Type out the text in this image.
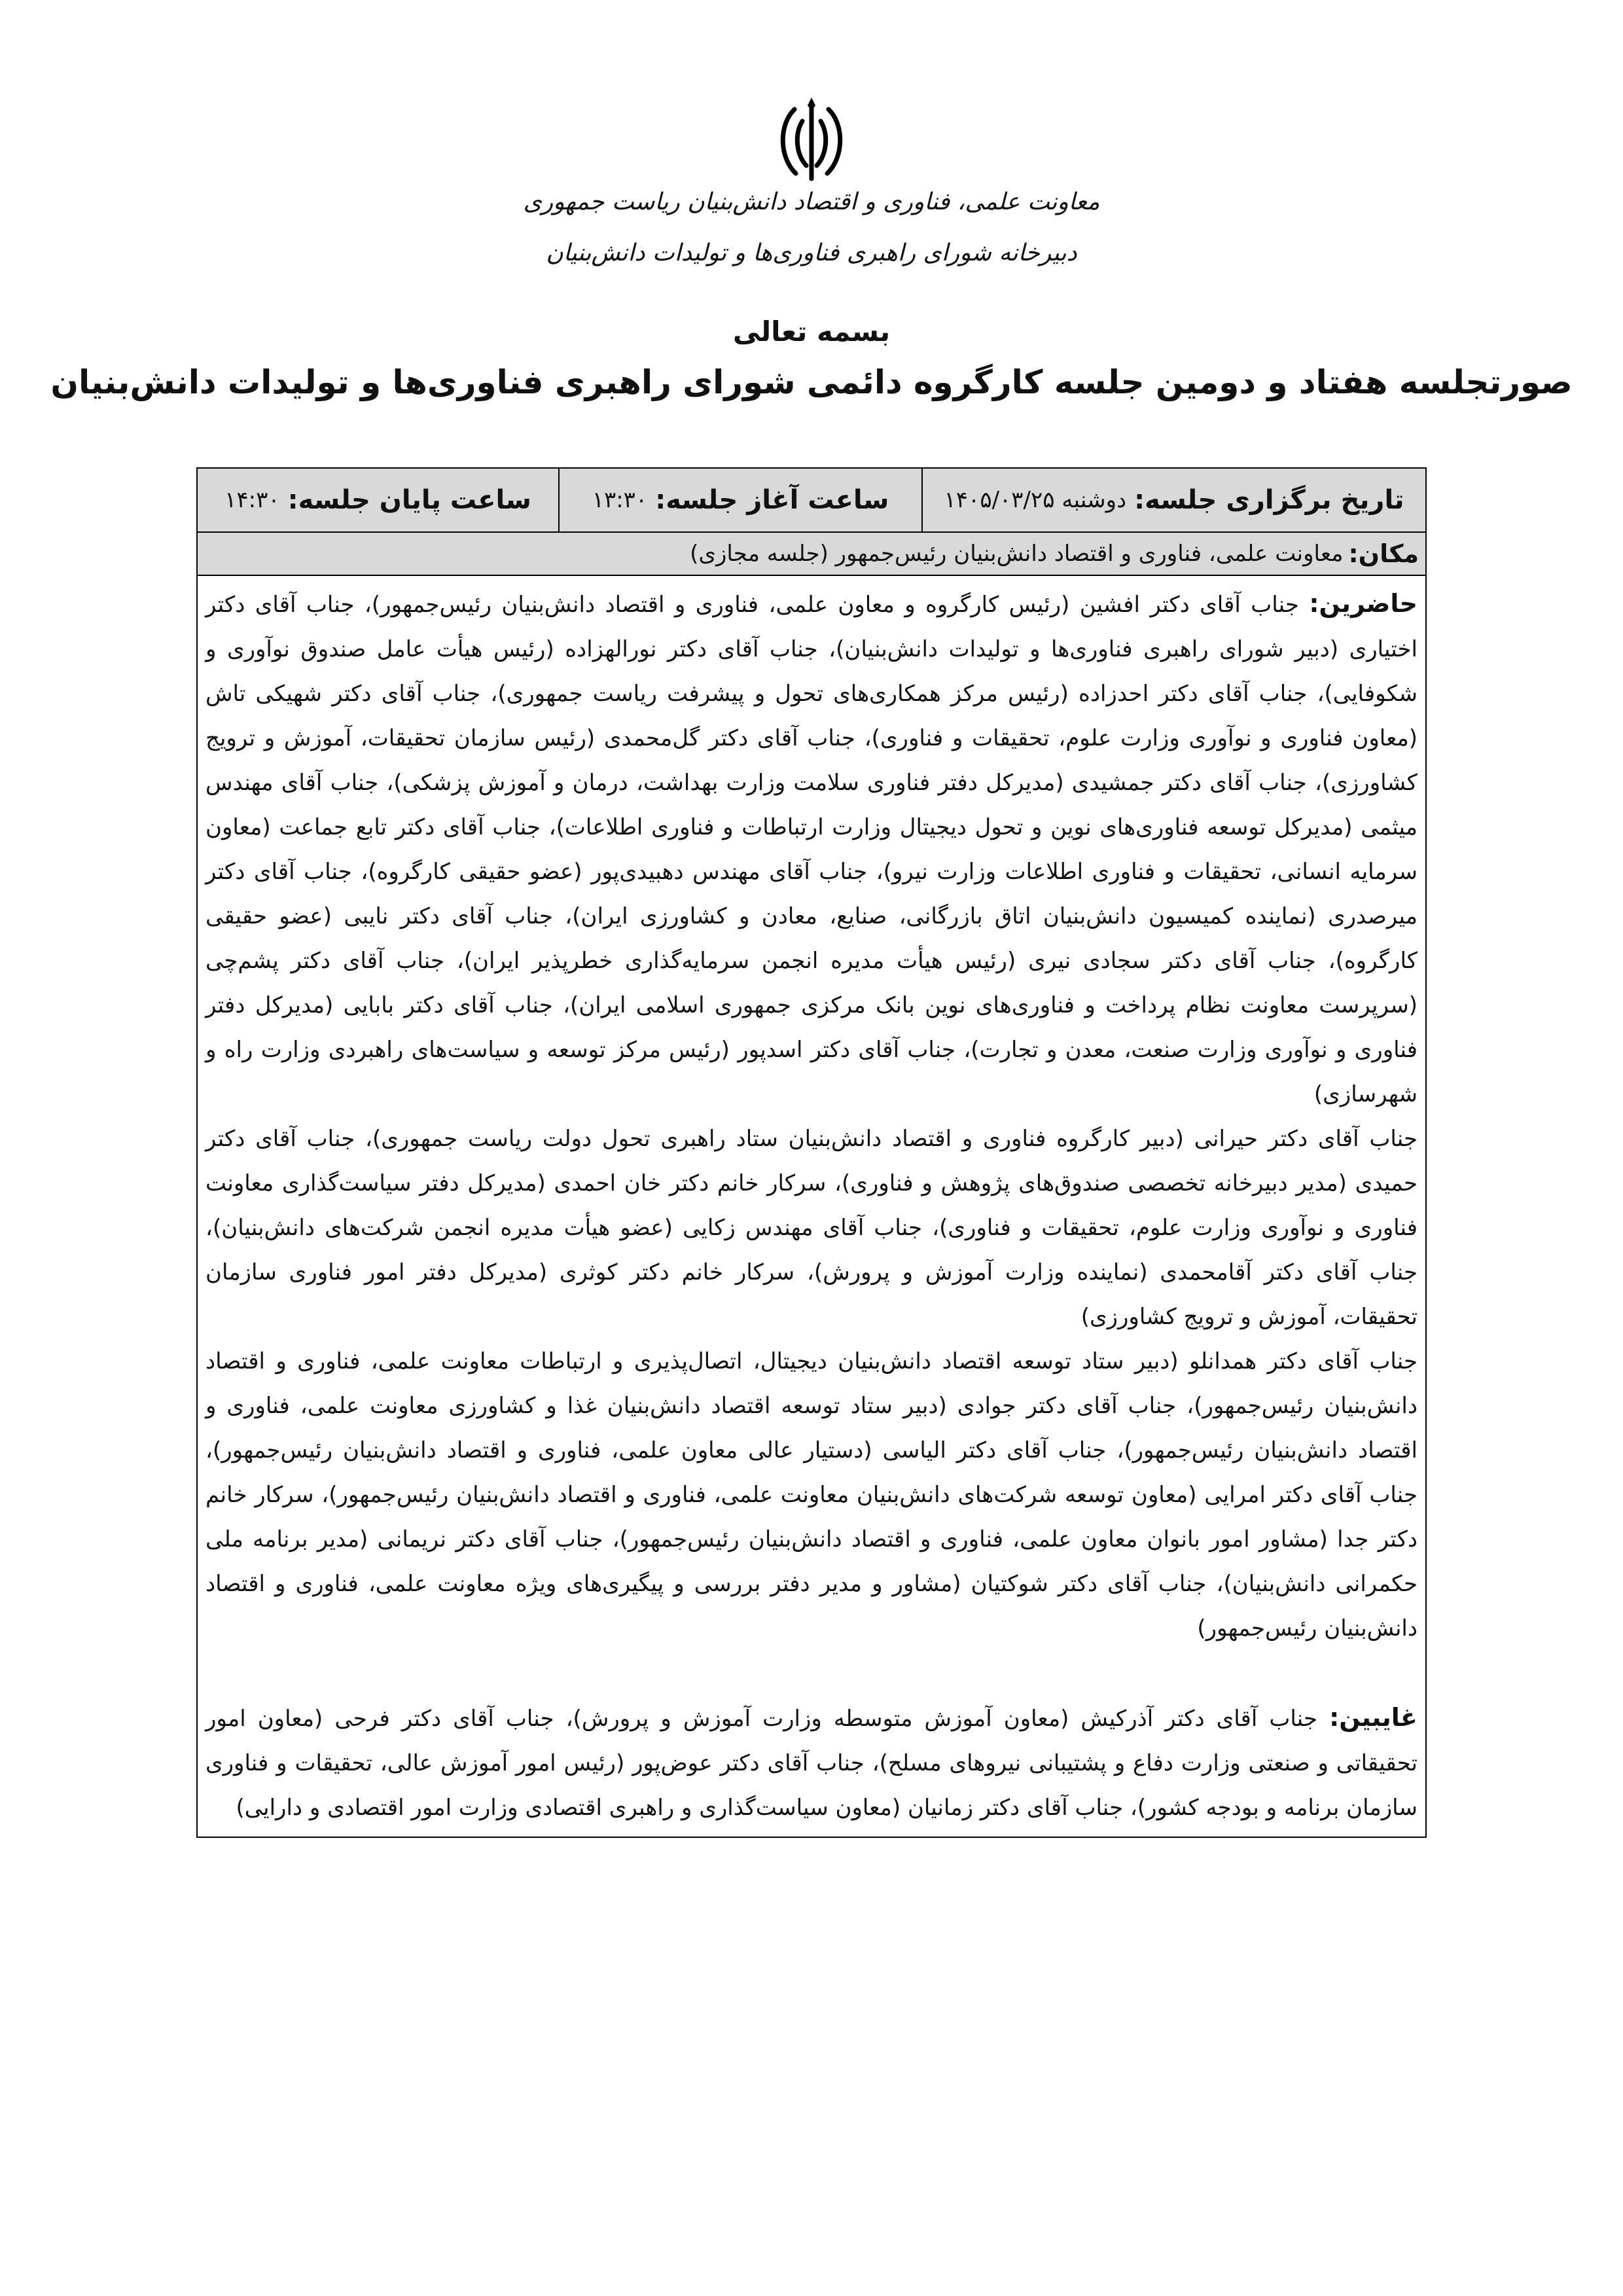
معاونت علمی، فناوری و اقتصاد دانش‌بنیان ریاست جمهوری
دبیرخانه شورای راهبری فناوری‌ها و تولیدات دانش‌بنیان
بسمه تعالی
صورتجلسه هفتاد و دومین جلسه کارگروه دائمی شورای راهبری فناوری‌ها و تولیدات دانش‌بنیان
تاریخ برگزاری جلسه:
دوشنبه ۱۴۰۵/۰۳/۲۵
ساعت آغاز جلسه:
۱۳:۳۰
ساعت پایان جلسه:
۱۴:۳۰
مکان:
معاونت علمی، فناوری و اقتصاد دانش‌بنیان رئیس‌جمهور (جلسه مجازی)

حاضرین: جناب آقای دکتر افشین (رئیس کارگروه و معاون علمی، فناوری و اقتصاد دانش‌بنیان رئیس‌جمهور)، جناب آقای دکتر اختیاری (دبیر شورای راهبری فناوری‌ها و تولیدات دانش‌بنیان)، جناب آقای دکتر نورالهزاده (رئیس هیأت عامل صندوق نوآوری و شکوفایی)، جناب آقای دکتر احدزاده (رئیس مرکز همکاری‌های تحول و پیشرفت ریاست جمهوری)، جناب آقای دکتر شهیکی تاش (معاون فناوری و نوآوری وزارت علوم، تحقیقات و فناوری)، جناب آقای دکتر گل‌محمدی (رئیس سازمان تحقیقات، آموزش و ترویج کشاورزی)، جناب آقای دکتر جمشیدی (مدیرکل دفتر فناوری سلامت وزارت بهداشت، درمان و آموزش پزشکی)، جناب آقای مهندس میثمی (مدیرکل توسعه فناوری‌های نوین و تحول دیجیتال وزارت ارتباطات و فناوری اطلاعات)، جناب آقای دکتر تابع جماعت (معاون سرمایه انسانی، تحقیقات و فناوری اطلاعات وزارت نیرو)، جناب آقای مهندس دهبیدی‌پور (عضو حقیقی کارگروه)، جناب آقای دکتر میرصدری (نماینده کمیسیون دانش‌بنیان اتاق بازرگانی، صنایع، معادن و کشاورزی ایران)، جناب آقای دکتر نایبی (عضو حقیقی کارگروه)، جناب آقای دکتر سجادی نیری (رئیس هیأت مدیره انجمن سرمایه‌گذاری خطرپذیر ایران)، جناب آقای دکتر پشم‌چی (سرپرست معاونت نظام پرداخت و فناوری‌های نوین بانک مرکزی جمهوری اسلامی ایران)، جناب آقای دکتر بابایی (مدیرکل دفتر فناوری و نوآوری وزارت صنعت، معدن و تجارت)، جناب آقای دکتر اسدپور (رئیس مرکز توسعه و سیاست‌های راهبردی وزارت راه و شهرسازی)

جناب آقای دکتر حیرانی (دبیر کارگروه فناوری و اقتصاد دانش‌بنیان ستاد راهبری تحول دولت ریاست جمهوری)، جناب آقای دکتر حمیدی (مدیر دبیرخانه تخصصی صندوق‌های پژوهش و فناوری)، سرکار خانم دکتر خان احمدی (مدیرکل دفتر سیاست‌گذاری معاونت فناوری و نوآوری وزارت علوم، تحقیقات و فناوری)، جناب آقای مهندس زکایی (عضو هیأت مدیره انجمن شرکت‌های دانش‌بنیان)، جناب آقای دکتر آقامحمدی (نماینده وزارت آموزش و پرورش)، سرکار خانم دکتر کوثری (مدیرکل دفتر امور فناوری سازمان تحقیقات، آموزش و ترویج کشاورزی)

جناب آقای دکتر همدانلو (دبیر ستاد توسعه اقتصاد دانش‌بنیان دیجیتال، اتصال‌پذیری و ارتباطات معاونت علمی، فناوری و اقتصاد دانش‌بنیان رئیس‌جمهور)، جناب آقای دکتر جوادی (دبیر ستاد توسعه اقتصاد دانش‌بنیان غذا و کشاورزی معاونت علمی، فناوری و اقتصاد دانش‌بنیان رئیس‌جمهور)، جناب آقای دکتر الیاسی (دستیار عالی معاون علمی، فناوری و اقتصاد دانش‌بنیان رئیس‌جمهور)، جناب آقای دکتر امرایی (معاون توسعه شرکت‌های دانش‌بنیان معاونت علمی، فناوری و اقتصاد دانش‌بنیان رئیس‌جمهور)، سرکار خانم دکتر جدا (مشاور امور بانوان معاون علمی، فناوری و اقتصاد دانش‌بنیان رئیس‌جمهور)، جناب آقای دکتر نریمانی (مدیر برنامه ملی حکمرانی دانش‌بنیان)، جناب آقای دکتر شوکتیان (مشاور و مدیر دفتر بررسی و پیگیری‌های ویژه معاونت علمی، فناوری و اقتصاد دانش‌بنیان رئیس‌جمهور)

غایبین: جناب آقای دکتر آذرکیش (معاون آموزش متوسطه وزارت آموزش و پرورش)، جناب آقای دکتر فرحی (معاون امور تحقیقاتی و صنعتی وزارت دفاع و پشتیبانی نیروهای مسلح)، جناب آقای دکتر عوض‌پور (رئیس امور آموزش عالی، تحقیقات و فناوری سازمان برنامه و بودجه کشور)، جناب آقای دکتر زمانیان (معاون سیاست‌گذاری و راهبری اقتصادی وزارت امور اقتصادی و دارایی)
